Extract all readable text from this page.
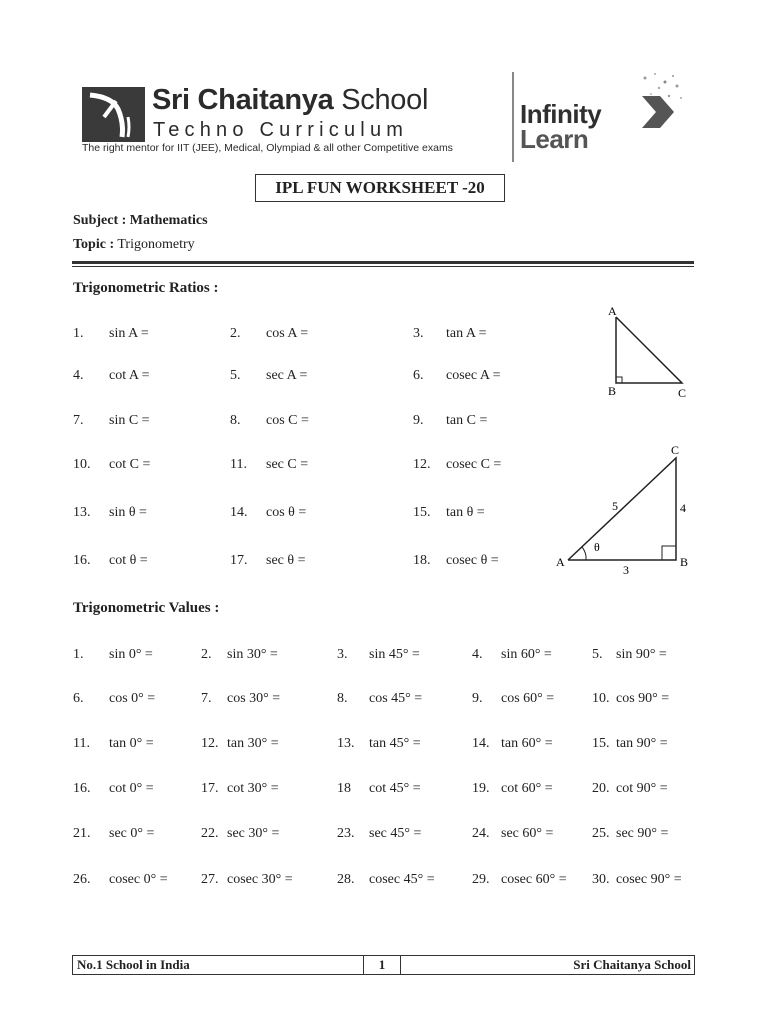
Sri Chaitanya School
Techno Curriculum
The right mentor for IIT (JEE), Medical, Olympiad & all other Competitive exams
Infinity
Learn
IPL FUN WORKSHEET -20
Subject : Mathematics
Topic : Trigonometry
Trigonometric Ratios :
1. sin A =	2. cos A =	3. tan A =
4. cot A =	5. sec A =	6. cosec A =
7. sin C =	8. cos C =	9. tan C =
10. cot C =	11. sec C =	12. cosec C =
13. sin θ =	14. cos θ =	15. tan θ =
16. cot θ =	17. sec θ =	18. cosec θ =
A
B	C
C
A	B
5	4
3
θ
Trigonometric Values :
1. sin 0° =	2. sin 30° =	3. sin 45° =	4. sin 60° =	5. sin 90° =
6. cos 0° =	7. cos 30° =	8. cos 45° =	9. cos 60° =	10. cos 90° =
11. tan 0° =	12. tan 30° =	13. tan 45° =	14. tan 60° =	15. tan 90° =
16. cot 0° =	17. cot 30° =	18 cot 45° =	19. cot 60° =	20. cot 90° =
21. sec 0° =	22. sec 30° =	23. sec 45° =	24. sec 60° =	25. sec 90° =
26. cosec 0° = 27. cosec 30° =	28. cosec 45° =	29. cosec 60° = 30. cosec 90° =
No.1 School in India	1	Sri Chaitanya School
